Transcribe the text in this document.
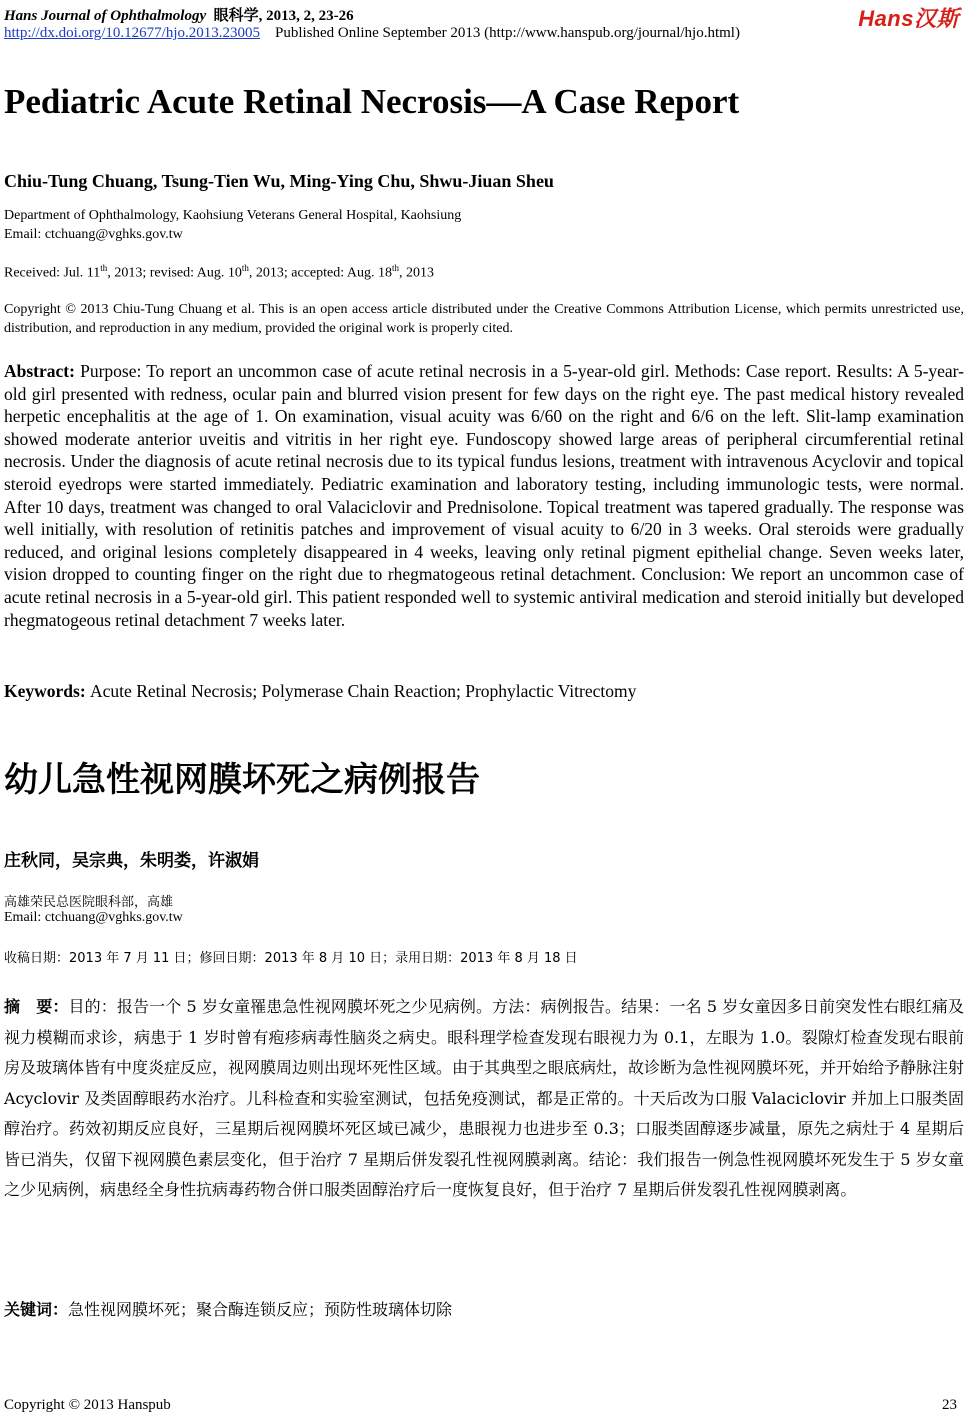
Hans Journal of Ophthalmology 眼科学, 2013, 2, 23-26	Hans汉斯
http://dx.doi.org/10.12677/hjo.2013.23005 Published Online September 2013 (http://www.hanspub.org/journal/hjo.html)
Pediatric Acute Retinal Necrosis—A Case Report
Chiu-Tung Chuang, Tsung-Tien Wu, Ming-Ying Chu, Shwu-Jiuan Sheu
Department of Ophthalmology, Kaohsiung Veterans General Hospital, Kaohsiung
Email: ctchuang@vghks.gov.tw
Received: Jul. 11th, 2013; revised: Aug. 10th, 2013; accepted: Aug. 18th, 2013
Copyright © 2013 Chiu-Tung Chuang et al. This is an open access article distributed under the Creative Commons Attribution License, which permits unrestricted use, distribution, and reproduction in any medium, provided the original work is properly cited.
Abstract: Purpose: To report an uncommon case of acute retinal necrosis in a 5-year-old girl. Methods: Case report. Results: A 5-year-old girl presented with redness, ocular pain and blurred vision present for few days on the right eye. The past medical history revealed herpetic encephalitis at the age of 1. On examination, visual acuity was 6/60 on the right and 6/6 on the left. Slit-lamp examination showed moderate anterior uveitis and vitritis in her right eye. Fundoscopy showed large areas of peripheral circumferential retinal necrosis. Under the diagnosis of acute retinal necrosis due to its typical fundus lesions, treatment with intravenous Acyclovir and topical steroid eyedrops were started immediately. Pediatric examination and laboratory testing, including immunologic tests, were normal. After 10 days, treatment was changed to oral Valaciclovir and Prednisolone. Topical treatment was tapered gradually. The response was well initially, with resolution of retinitis patches and improvement of visual acuity to 6/20 in 3 weeks. Oral steroids were gradually reduced, and original lesions completely disappeared in 4 weeks, leaving only retinal pigment epithelial change. Seven weeks later, vision dropped to counting finger on the right due to rhegmatogeous retinal detachment. Conclusion: We report an uncommon case of acute retinal necrosis in a 5-year-old girl. This patient responded well to systemic antiviral medication and steroid initially but developed rhegmatogeous retinal detachment 7 weeks later.
Keywords: Acute Retinal Necrosis; Polymerase Chain Reaction; Prophylactic Vitrectomy
幼儿急性视网膜坏死之病例报告
庄秋同，吴宗典，朱明娄，许淑娟
高雄荣民总医院眼科部，高雄
Email: ctchuang@vghks.gov.tw
收稿日期：2013 年 7 月 11 日；修回日期：2013 年 8 月 10 日；录用日期：2013 年 8 月 18 日
摘　要：目的：报告一个 5 岁女童罹患急性视网膜坏死之少见病例。方法：病例报告。结果：一名 5 岁女童因多日前突发性右眼红痛及视力模糊而求诊，病患于 1 岁时曾有疱疹病毒性脑炎之病史。眼科理学检查发现右眼视力为 0.1，左眼为 1.0。裂隙灯检查发现右眼前房及玻璃体皆有中度炎症反应，视网膜周边则出现坏死性区域。由于其典型之眼底病灶，故诊断为急性视网膜坏死，并开始给予静脉注射 Acyclovir 及类固醇眼药水治疗。儿科检查和实验室测试，包括免疫测试，都是正常的。十天后改为口服 Valaciclovir 并加上口服类固醇治疗。药效初期反应良好，三星期后视网膜坏死区域已减少，患眼视力也进步至 0.3；口服类固醇逐步减量，原先之病灶于 4 星期后皆已消失，仅留下视网膜色素层变化，但于治疗 7 星期后併发裂孔性视网膜剥离。结论：我们报告一例急性视网膜坏死发生于 5 岁女童之少见病例，病患经全身性抗病毒药物合併口服类固醇治疗后一度恢复良好，但于治疗 7 星期后併发裂孔性视网膜剥离。
关键词：急性视网膜坏死；聚合酶连锁反应；预防性玻璃体切除
Copyright © 2013 Hanspub	23
